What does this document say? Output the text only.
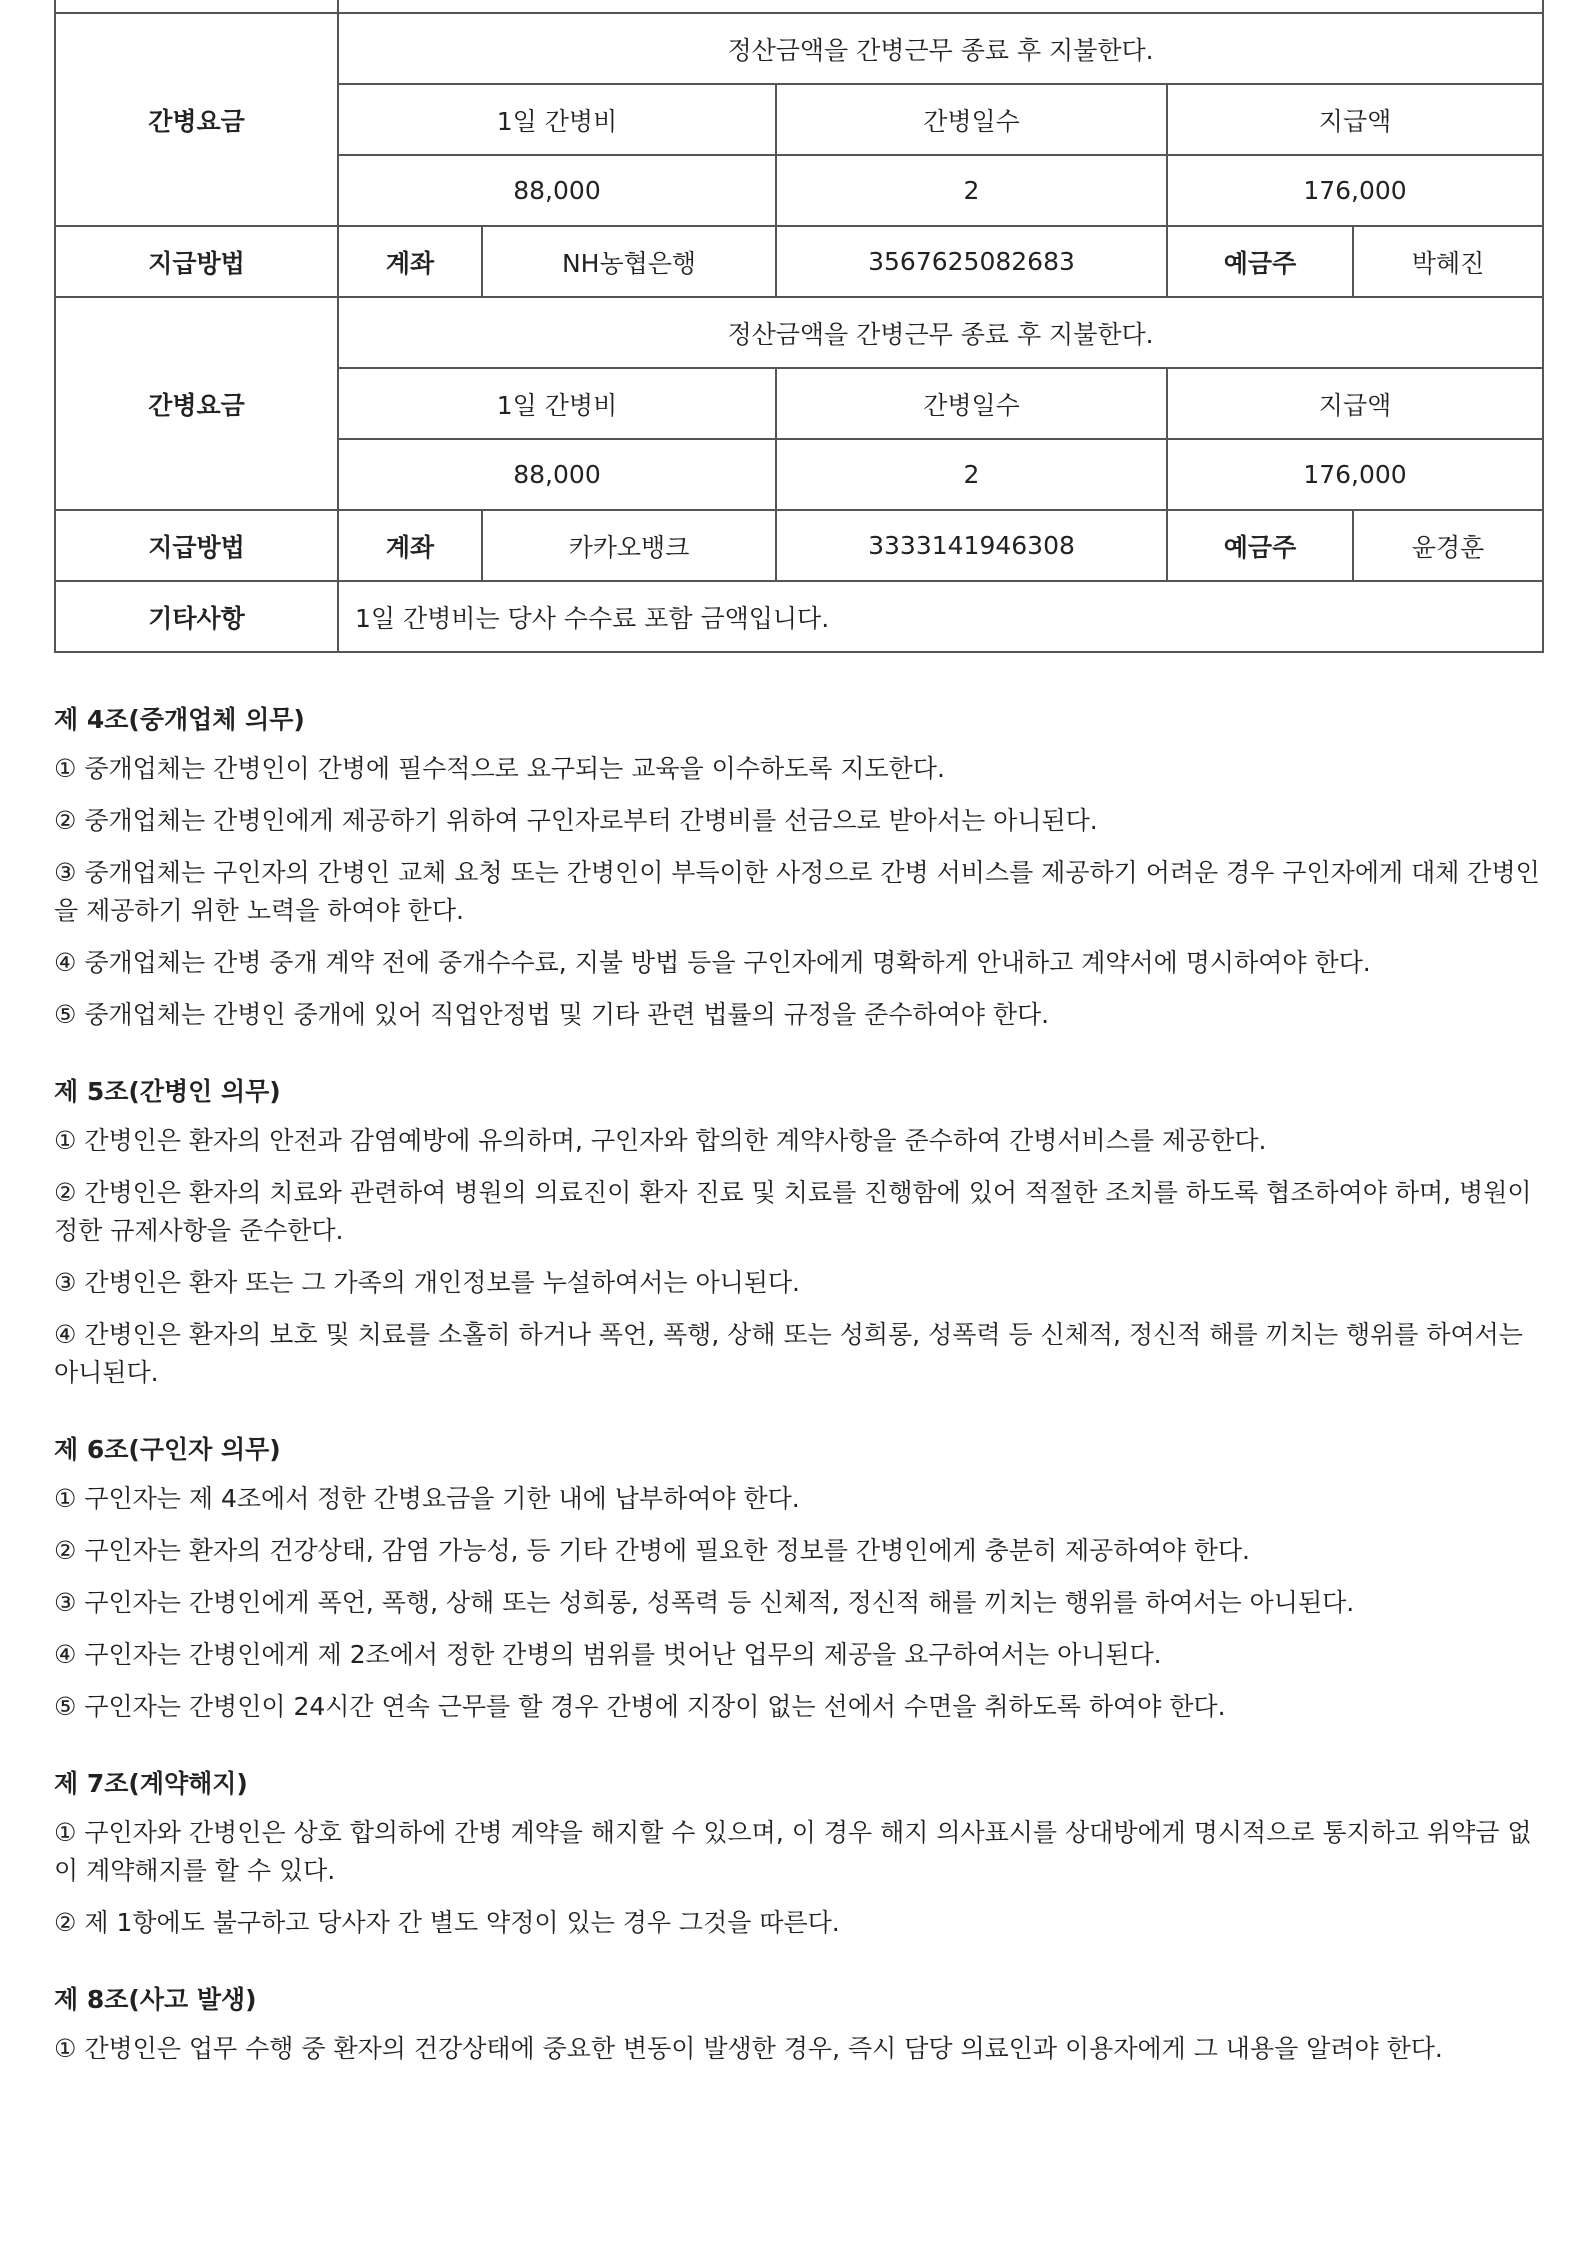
간병요금	정산금액을 간병근무 종료 후 지불한다.				
	1일 간병비		간병일수	지급액	
	88,000		2	176,000	
지급방법	계좌	NH농협은행	3567625082683	예금주	박혜진
간병요금	정산금액을 간병근무 종료 후 지불한다.				
	1일 간병비		간병일수	지급액	
	88,000		2	176,000	
지급방법	계좌	카카오뱅크	3333141946308	예금주	윤경훈
기타사항	1일 간병비는 당사 수수료 포함 금액입니다.				
제 4조(중개업체 의무)

① 중개업체는 간병인이 간병에 필수적으로 요구되는 교육을 이수하도록 지도한다.

② 중개업체는 간병인에게 제공하기 위하여 구인자로부터 간병비를 선금으로 받아서는 아니된다.

③ 중개업체는 구인자의 간병인 교체 요청 또는 간병인이 부득이한 사정으로 간병 서비스를 제공하기 어려운 경우 구인자에게 대체 간병인을 제공하기 위한 노력을 하여야 한다.

④ 중개업체는 간병 중개 계약 전에 중개수수료, 지불 방법 등을 구인자에게 명확하게 안내하고 계약서에 명시하여야 한다.

⑤ 중개업체는 간병인 중개에 있어 직업안정법 및 기타 관련 법률의 규정을 준수하여야 한다.

제 5조(간병인 의무)

① 간병인은 환자의 안전과 감염예방에 유의하며, 구인자와 합의한 계약사항을 준수하여 간병서비스를 제공한다.

② 간병인은 환자의 치료와 관련하여 병원의 의료진이 환자 진료 및 치료를 진행함에 있어 적절한 조치를 하도록 협조하여야 하며, 병원이 정한 규제사항을 준수한다.

③ 간병인은 환자 또는 그 가족의 개인정보를 누설하여서는 아니된다.

④ 간병인은 환자의 보호 및 치료를 소홀히 하거나 폭언, 폭행, 상해 또는 성희롱, 성폭력 등 신체적, 정신적 해를 끼치는 행위를 하여서는 아니된다.

제 6조(구인자 의무)

① 구인자는 제 4조에서 정한 간병요금을 기한 내에 납부하여야 한다.

② 구인자는 환자의 건강상태, 감염 가능성, 등 기타 간병에 필요한 정보를 간병인에게 충분히 제공하여야 한다.

③ 구인자는 간병인에게 폭언, 폭행, 상해 또는 성희롱, 성폭력 등 신체적, 정신적 해를 끼치는 행위를 하여서는 아니된다.

④ 구인자는 간병인에게 제 2조에서 정한 간병의 범위를 벗어난 업무의 제공을 요구하여서는 아니된다.

⑤ 구인자는 간병인이 24시간 연속 근무를 할 경우 간병에 지장이 없는 선에서 수면을 취하도록 하여야 한다.

제 7조(계약해지)

① 구인자와 간병인은 상호 합의하에 간병 계약을 해지할 수 있으며, 이 경우 해지 의사표시를 상대방에게 명시적으로 통지하고 위약금 없이 계약해지를 할 수 있다.

② 제 1항에도 불구하고 당사자 간 별도 약정이 있는 경우 그것을 따른다.

제 8조(사고 발생)

① 간병인은 업무 수행 중 환자의 건강상태에 중요한 변동이 발생한 경우, 즉시 담당 의료인과 이용자에게 그 내용을 알려야 한다.
